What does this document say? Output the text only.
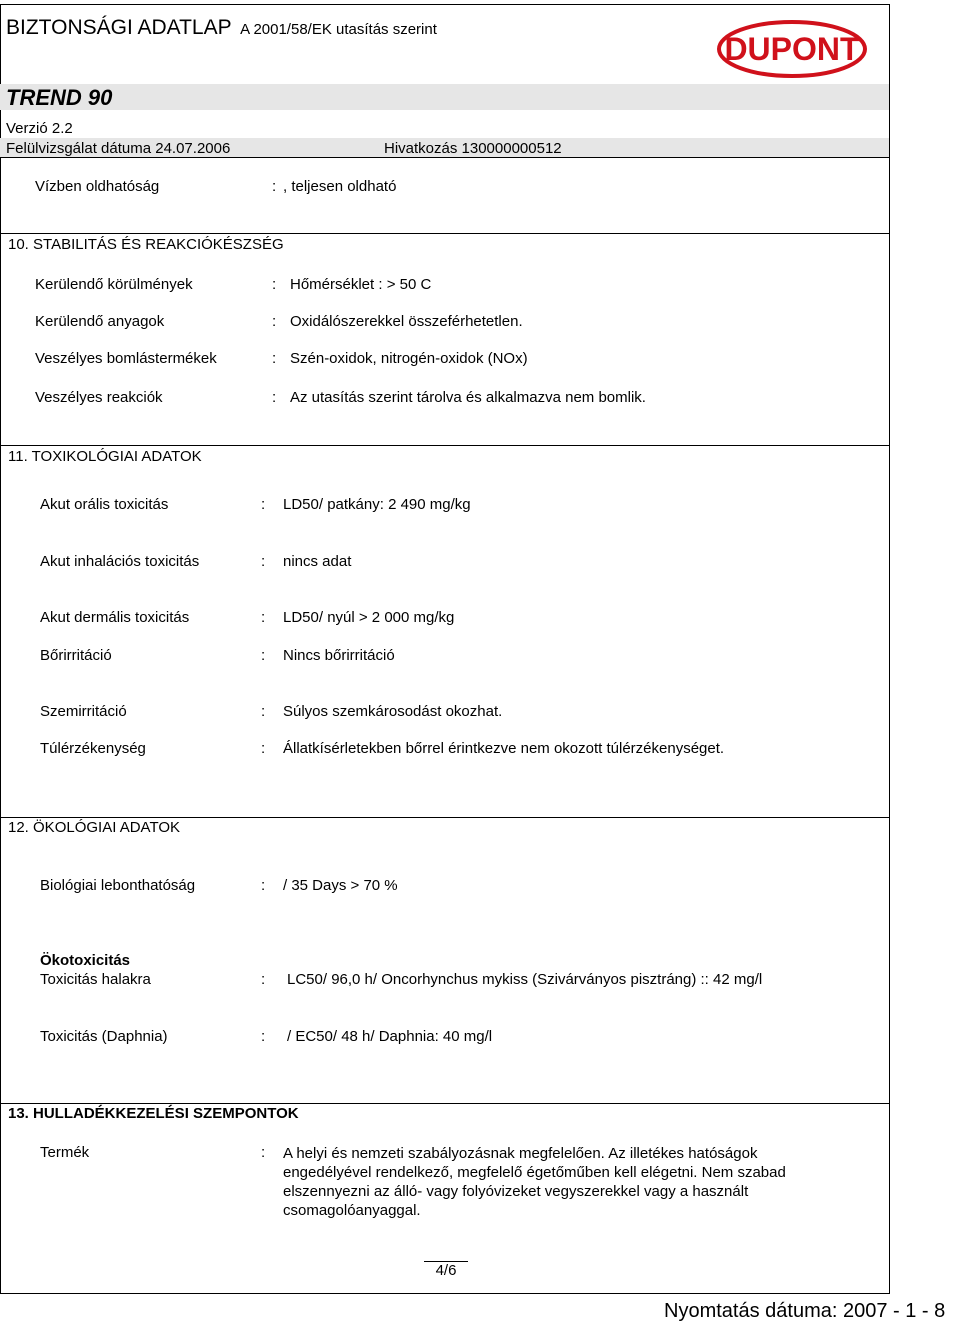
BIZTONSÁGI ADATLAP A 2001/58/EK utasítás szerint
DUPONT
TREND 90
Verzió 2.2
Felülvizsgálat dátuma 24.07.2006	Hivatkozás 130000000512
Vízben oldhatóság	: , teljesen oldható
10. STABILITÁS ÉS REAKCIÓKÉSZSÉG
Kerülendő körülmények	: Hőmérséklet : > 50 C
Kerülendő anyagok	: Oxidálószerekkel összeférhetetlen.
Veszélyes bomlástermékek	: Szén-oxidok, nitrogén-oxidok (NOx)
Veszélyes reakciók	: Az utasítás szerint tárolva és alkalmazva nem bomlik.
11. TOXIKOLÓGIAI ADATOK
Akut orális toxicitás	: LD50/ patkány: 2 490 mg/kg
Akut inhalációs toxicitás	: nincs adat
Akut dermális toxicitás	: LD50/ nyúl > 2 000 mg/kg
Bőrirritáció	: Nincs bőrirritáció
Szemirritáció	: Súlyos szemkárosodást okozhat.
Túlérzékenység	: Állatkísérletekben bőrrel érintkezve nem okozott túlérzékenységet.
12. ÖKOLÓGIAI ADATOK
Biológiai lebonthatóság	: / 35 Days > 70 %
Ökotoxicitás
Toxicitás halakra	: LC50/ 96,0 h/ Oncorhynchus mykiss (Szivárványos pisztráng) :: 42 mg/l
Toxicitás (Daphnia)	: / EC50/ 48 h/ Daphnia: 40 mg/l
13. HULLADÉKKEZELÉSI SZEMPONTOK
Termék	: A helyi és nemzeti szabályozásnak megfelelően. Az illetékes hatóságok engedélyével rendelkező, megfelelő égetőműben kell elégetni. Nem szabad elszennyezni az álló- vagy folyóvizeket vegyszerekkel vagy a használt csomagolóanyaggal.
4/6
Nyomtatás dátuma: 2007 - 1 - 8
